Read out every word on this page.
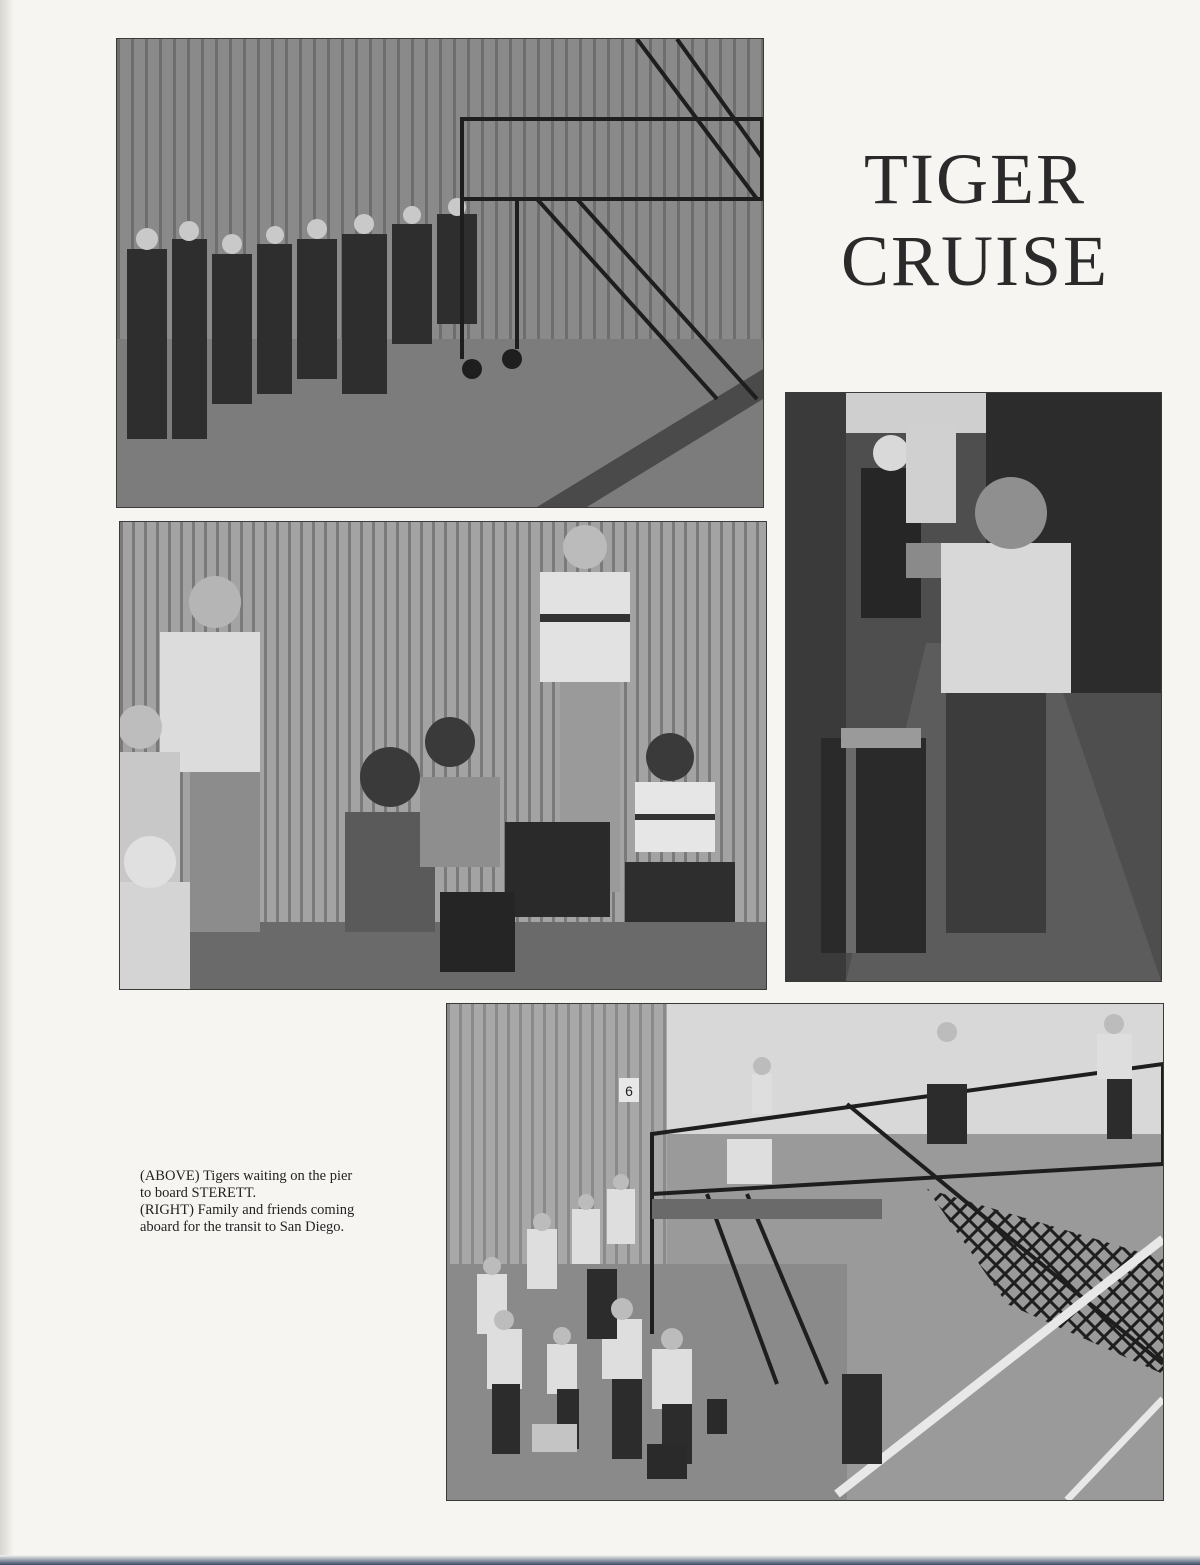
6
TIGER
CRUISE
(ABOVE) Tigers waiting on the pier
to board STERETT.
(RIGHT) Family and friends coming
aboard for the transit to San Diego.
